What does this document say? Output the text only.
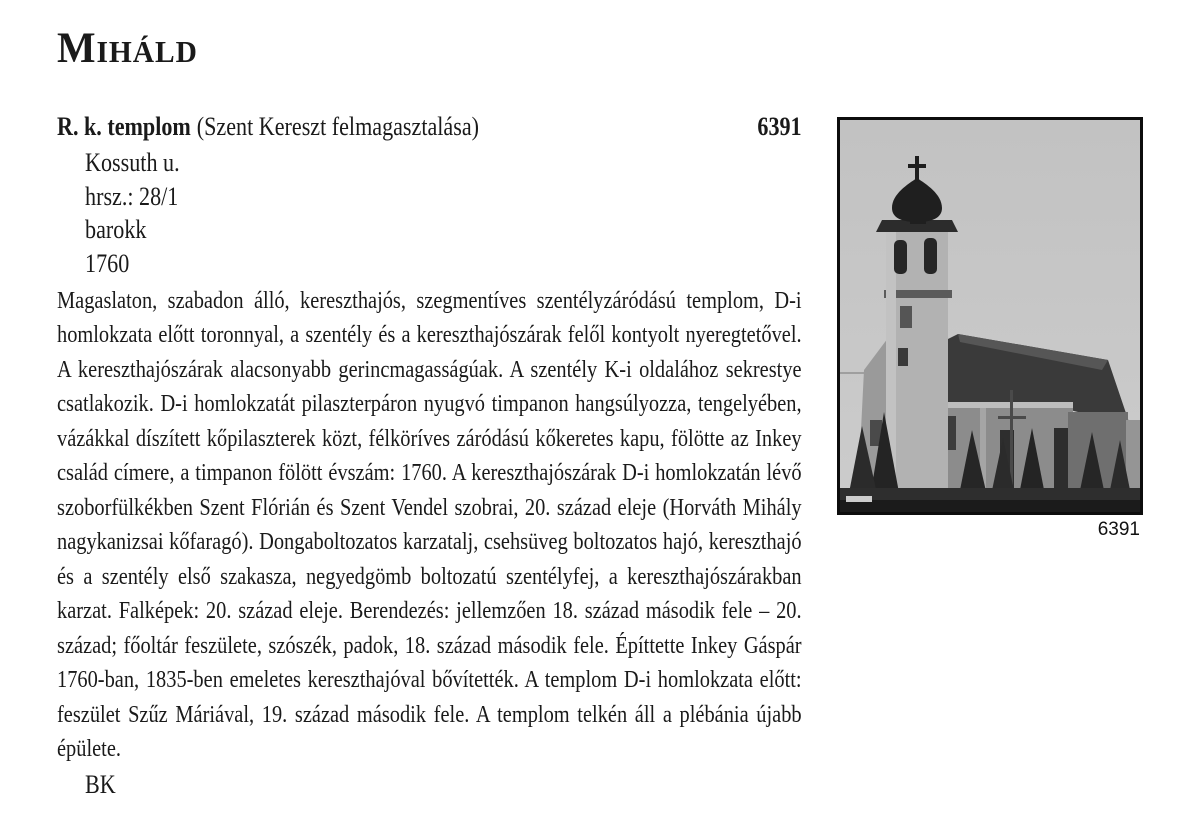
MIHÁLD
R. k. templom (Szent Kereszt felmagasztalása)	6391
Kossuth u.
hrsz.: 28/1
barokk
1760
Magaslaton, szabadon álló, kereszthajós, szegmentíves szentélyzáródású templom, D-i homlokzata előtt toronnyal, a szentély és a kereszthajószárak felől kontyolt nyeregtetővel. A kereszthajószárak alacsonyabb gerincmagasságúak. A szentély K-i oldalához sekrestye csatlakozik. D-i homlokzatát pilaszterpáron nyugvó timpanon hangsúlyozza, tengelyében, vázákkal díszített kőpilaszterek közt, félköríves záródású kőkeretes kapu, fölötte az Inkey család címere, a timpanon fölött évszám: 1760. A kereszthajószárak D-i homlokzatán lévő szoborfülkékben Szent Flórián és Szent Vendel szobrai, 20. század eleje (Horváth Mihály nagykanizsai kőfaragó). Dongaboltozatos karzatalj, csehsüveg boltozatos hajó, kereszthajó és a szentély első szakasza, negyedgömb boltozatú szentélyfej, a kereszthajószárakban karzat. Falképek: 20. század eleje. Berendezés: jellemzően 18. század második fele – 20. század; főoltár feszülete, szószék, padok, 18. század második fele. Építtette Inkey Gáspár 1760-ban, 1835-ben emeletes kereszthajóval bővítették. A templom D-i homlokzata előtt: feszület Szűz Máriával, 19. század második fele. A templom telkén áll a plébánia újabb épülete.
BK
6391
